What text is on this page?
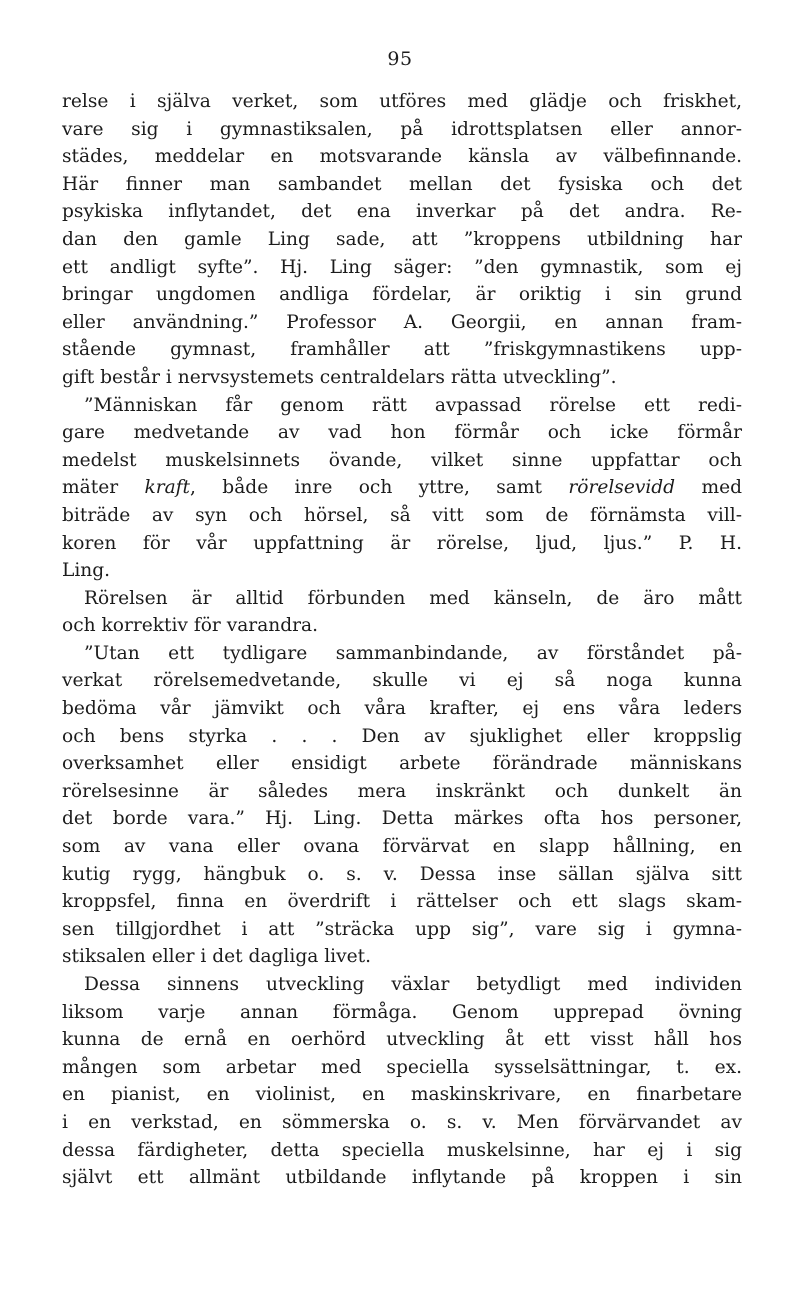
95
relse i själva verket, som utföres med glädje och friskhet,
vare sig i gymnastiksalen, på idrottsplatsen eller annor-
städes, meddelar en motsvarande känsla av välbefinnande.
Här finner man sambandet mellan det fysiska och det
psykiska inflytandet, det ena inverkar på det andra. Re-
dan den gamle Ling sade, att ”kroppens utbildning har
ett andligt syfte”. Hj. Ling säger: ”den gymnastik, som ej
bringar ungdomen andliga fördelar, är oriktig i sin grund
eller användning.” Professor A. Georgii, en annan fram-
stående gymnast, framhåller att ”friskgymnastikens upp-
gift består i nervsystemets centraldelars rätta utveckling”.
”Människan får genom rätt avpassad rörelse ett redi-
gare medvetande av vad hon förmår och icke förmår
medelst muskelsinnets övande, vilket sinne uppfattar och
mäter kraft, både inre och yttre, samt rörelsevidd med
biträde av syn och hörsel, så vitt som de förnämsta vill-
koren för vår uppfattning är rörelse, ljud, ljus.” P. H.
Ling.
Rörelsen är alltid förbunden med känseln, de äro mått
och korrektiv för varandra.
”Utan ett tydligare sammanbindande, av förståndet på-
verkat rörelsemedvetande, skulle vi ej så noga kunna
bedöma vår jämvikt och våra krafter, ej ens våra leders
och bens styrka . . . Den av sjuklighet eller kroppslig
overksamhet eller ensidigt arbete förändrade människans
rörelsesinne är således mera inskränkt och dunkelt än
det borde vara.” Hj. Ling. Detta märkes ofta hos personer,
som av vana eller ovana förvärvat en slapp hållning, en
kutig rygg, hängbuk o. s. v. Dessa inse sällan själva sitt
kroppsfel, finna en överdrift i rättelser och ett slags skam-
sen tillgjordhet i att ”sträcka upp sig”, vare sig i gymna-
stiksalen eller i det dagliga livet.
Dessa sinnens utveckling växlar betydligt med individen
liksom varje annan förmåga. Genom upprepad övning
kunna de ernå en oerhörd utveckling åt ett visst håll hos
mången som arbetar med speciella sysselsättningar, t. ex.
en pianist, en violinist, en maskinskrivare, en finarbetare
i en verkstad, en sömmerska o. s. v. Men förvärvandet av
dessa färdigheter, detta speciella muskelsinne, har ej i sig
självt ett allmänt utbildande inflytande på kroppen i sin
